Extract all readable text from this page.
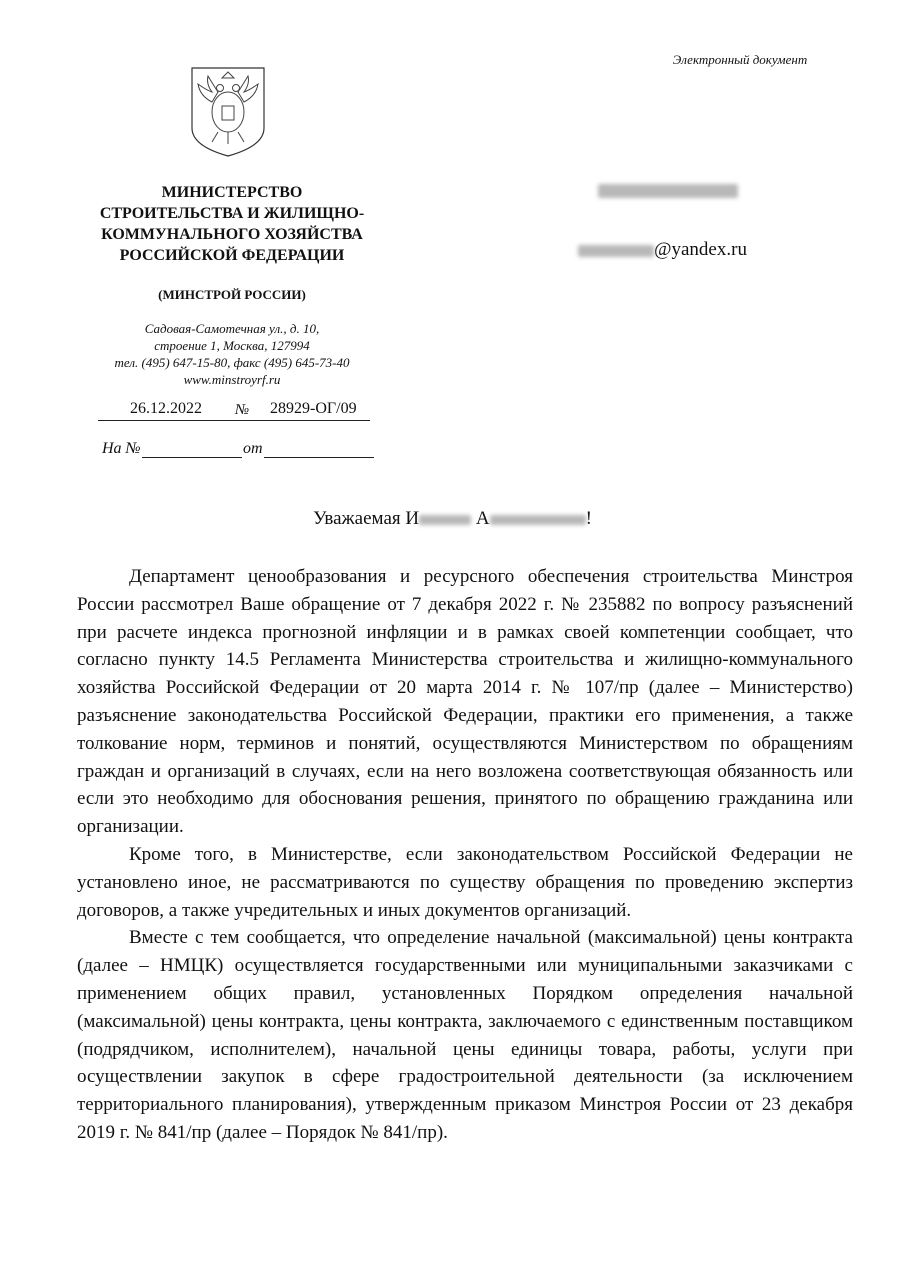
Электронный документ
МИНИСТЕРСТВО
СТРОИТЕЛЬСТВА И ЖИЛИЩНО-
КОММУНАЛЬНОГО ХОЗЯЙСТВА
РОССИЙСКОЙ ФЕДЕРАЦИИ
(МИНСТРОЙ РОССИИ)
Садовая-Самотечная ул., д. 10,
строение 1, Москва, 127994
тел. (495) 647-15-80, факс (495) 645-73-40
www.minstroyrf.ru
26.12.2022 № 28929-ОГ/09
На №	от
@yandex.ru
Уважаемая И	А	!

Департамент ценообразования и ресурсного обеспечения строительства Минстроя России рассмотрел Ваше обращение от 7 декабря 2022 г. № 235882 по вопросу разъяснений при расчете индекса прогнозной инфляции и в рамках своей компетенции сообщает, что согласно пункту 14.5 Регламента Министерства строительства и жилищно-коммунального хозяйства Российской Федерации от 20 марта 2014 г. № 107/пр (далее – Министерство) разъяснение законодательства Российской Федерации, практики его применения, а также толкование норм, терминов и понятий, осуществляются Министерством по обращениям граждан и организаций в случаях, если на него возложена соответствующая обязанность или если это необходимо для обоснования решения, принятого по обращению гражданина или организации.

Кроме того, в Министерстве, если законодательством Российской Федерации не установлено иное, не рассматриваются по существу обращения по проведению экспертиз договоров, а также учредительных и иных документов организаций.

Вместе с тем сообщается, что определение начальной (максимальной) цены контракта (далее – НМЦК) осуществляется государственными или муниципальными заказчиками с применением общих правил, установленных Порядком определения начальной (максимальной) цены контракта, цены контракта, заключаемого с единственным поставщиком (подрядчиком, исполнителем), начальной цены единицы товара, работы, услуги при осуществлении закупок в сфере градостроительной деятельности (за исключением территориального планирования), утвержденным приказом Минстроя России от 23 декабря 2019 г. № 841/пр (далее – Порядок № 841/пр).
